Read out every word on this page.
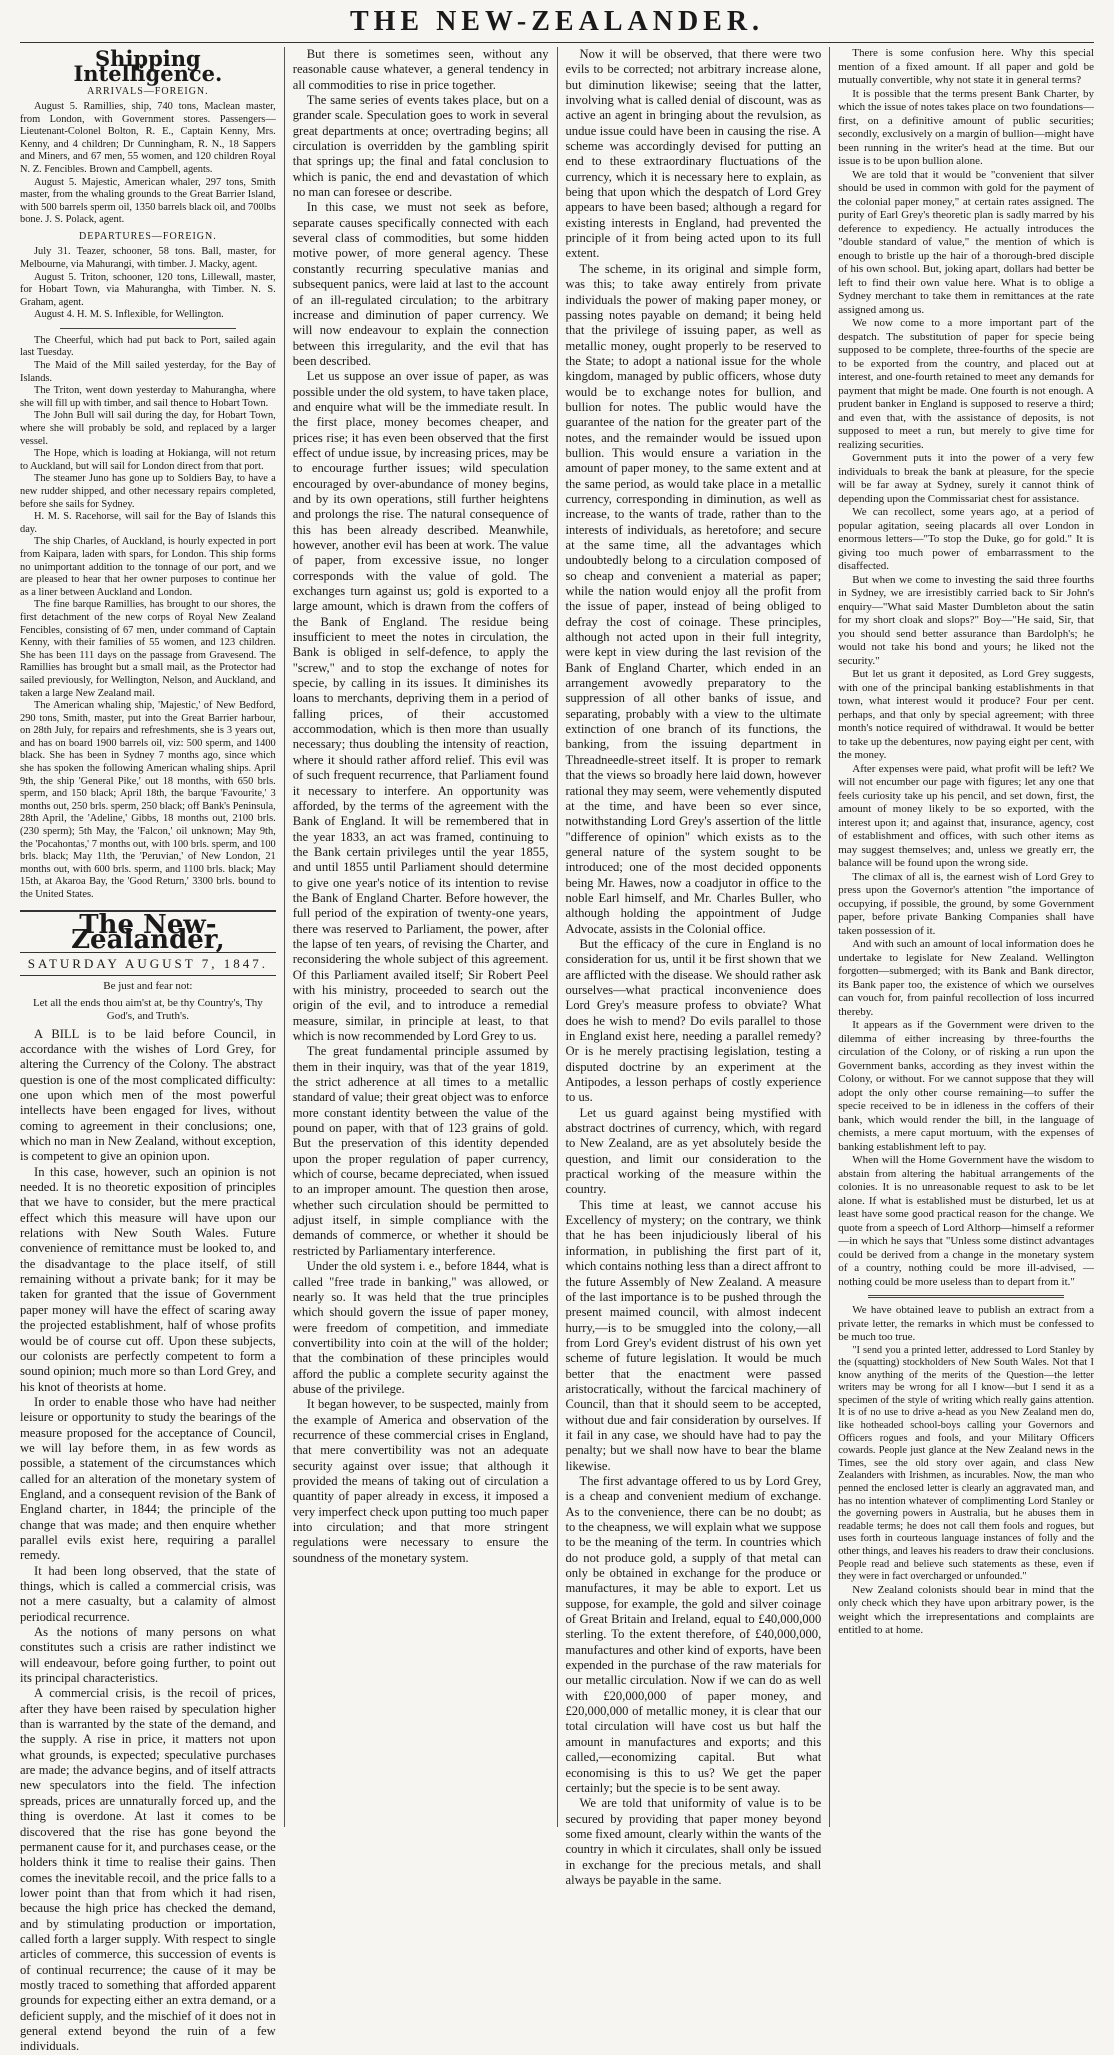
THE NEW-ZEALANDER.
Shipping Intelligence.
ARRIVALS—FOREIGN.

August 5. Ramillies, ship, 740 tons, Maclean master, from London, with Government stores. Passengers—Lieutenant-Colonel Bolton, R. E., Captain Kenny, Mrs. Kenny, and 4 children; Dr Cunningham, R. N., 18 Sappers and Miners, and 67 men, 55 women, and 120 children Royal N. Z. Fencibles. Brown and Campbell, agents.

August 5. Majestic, American whaler, 297 tons, Smith master, from the whaling grounds to the Great Barrier Island, with 500 barrels sperm oil, 1350 barrels black oil, and 700lbs bone. J. S. Polack, agent.

DEPARTURES—FOREIGN.

July 31. Teazer, schooner, 58 tons. Ball, master, for Melbourne, via Mahurangi, with timber. J. Macky, agent.

August 5. Triton, schooner, 120 tons, Lillewall, master, for Hobart Town, via Mahurangha, with Timber. N. S. Graham, agent.

August 4. H. M. S. Inflexible, for Wellington.

The Cheerful, which had put back to Port, sailed again last Tuesday.

The Maid of the Mill sailed yesterday, for the Bay of Islands.

The Triton, went down yesterday to Mahurangha, where she will fill up with timber, and sail thence to Hobart Town.

The John Bull will sail during the day, for Hobart Town, where she will probably be sold, and replaced by a larger vessel.

The Hope, which is loading at Hokianga, will not return to Auckland, but will sail for London direct from that port.

The steamer Juno has gone up to Soldiers Bay, to have a new rudder shipped, and other necessary repairs completed, before she sails for Sydney.

H. M. S. Racehorse, will sail for the Bay of Islands this day.

The ship Charles, of Auckland, is hourly expected in port from Kaipara, laden with spars, for London. This ship forms no unimportant addition to the tonnage of our port, and we are pleased to hear that her owner purposes to continue her as a liner between Auckland and London.

The fine barque Ramillies, has brought to our shores, the first detachment of the new corps of Royal New Zealand Fencibles, consisting of 67 men, under command of Captain Kenny, with their families of 55 women, and 123 children. She has been 111 days on the passage from Gravesend. The Ramillies has brought but a small mail, as the Protector had sailed previously, for Wellington, Nelson, and Auckland, and taken a large New Zealand mail.

The American whaling ship, 'Majestic,' of New Bedford, 290 tons, Smith, master, put into the Great Barrier harbour, on 28th July, for repairs and refreshments, she is 3 years out, and has on board 1900 barrels oil, viz: 500 sperm, and 1400 black. She has been in Sydney 7 months ago, since which she has spoken the following American whaling ships. April 9th, the ship 'General Pike,' out 18 months, with 650 brls. sperm, and 150 black; April 18th, the barque 'Favourite,' 3 months out, 250 brls. sperm, 250 black; off Bank's Peninsula, 28th April, the 'Adeline,' Gibbs, 18 months out, 2100 brls. (230 sperm); 5th May, the 'Falcon,' oil unknown; May 9th, the 'Pocahontas,' 7 months out, with 100 brls. sperm, and 100 brls. black; May 11th, the 'Peruvian,' of New London, 21 months out, with 600 brls. sperm, and 1100 brls. black; May 15th, at Akaroa Bay, the 'Good Return,' 3300 brls. bound to the United States.

The New-Zealander,
SATURDAY AUGUST 7, 1847.
Be just and fear not:
Let all the ends thou aim'st at, be thy Country's, Thy God's, and Truth's.

A BILL is to be laid before Council, in accordance with the wishes of Lord Grey, for altering the Currency of the Colony. The abstract question is one of the most complicated difficulty: one upon which men of the most powerful intellects have been engaged for lives, without coming to agreement in their conclusions; one, which no man in New Zealand, without exception, is competent to give an opinion upon.

In this case, however, such an opinion is not needed. It is no theoretic exposition of principles that we have to consider, but the mere practical effect which this measure will have upon our relations with New South Wales. Future convenience of remittance must be looked to, and the disadvantage to the place itself, of still remaining without a private bank; for it may be taken for granted that the issue of Government paper money will have the effect of scaring away the projected establishment, half of whose profits would be of course cut off. Upon these subjects, our colonists are perfectly competent to form a sound opinion; much more so than Lord Grey, and his knot of theorists at home.

In order to enable those who have had neither leisure or opportunity to study the bearings of the measure proposed for the acceptance of Council, we will lay before them, in as few words as possible, a statement of the circumstances which called for an alteration of the monetary system of England, and a consequent revision of the Bank of England charter, in 1844; the principle of the change that was made; and then enquire whether parallel evils exist here, requiring a parallel remedy.

It had been long observed, that the state of things, which is called a commercial crisis, was not a mere casualty, but a calamity of almost periodical recurrence.

As the notions of many persons on what constitutes such a crisis are rather indistinct we will endeavour, before going further, to point out its principal characteristics.

A commercial crisis, is the recoil of prices, after they have been raised by speculation higher than is warranted by the state of the demand, and the supply. A rise in price, it matters not upon what grounds, is expected; speculative purchases are made; the advance begins, and of itself attracts new speculators into the field. The infection spreads, prices are unnaturally forced up, and the thing is overdone. At last it comes to be discovered that the rise has gone beyond the permanent cause for it, and purchases cease, or the holders think it time to realise their gains. Then comes the inevitable recoil, and the price falls to a lower point than that from which it had risen, because the high price has checked the demand, and by stimulating production or importation, called forth a larger supply. With respect to single articles of commerce, this succession of events is of continual recurrence; the cause of it may be mostly traced to something that afforded apparent grounds for expecting either an extra demand, or a deficient supply, and the mischief of it does not in general extend beyond the ruin of a few individuals.

But there is sometimes seen, without any reasonable cause whatever, a general tendency in all commodities to rise in price together.

The same series of events takes place, but on a grander scale. Speculation goes to work in several great departments at once; overtrading begins; all circulation is overridden by the gambling spirit that springs up; the final and fatal conclusion to which is panic, the end and devastation of which no man can foresee or describe.

In this case, we must not seek as before, separate causes specifically connected with each several class of commodities, but some hidden motive power, of more general agency. These constantly recurring speculative manias and subsequent panics, were laid at last to the account of an ill-regulated circulation; to the arbitrary increase and diminution of paper currency. We will now endeavour to explain the connection between this irregularity, and the evil that has been described.

Let us suppose an over issue of paper, as was possible under the old system, to have taken place, and enquire what will be the immediate result. In the first place, money becomes cheaper, and prices rise; it has even been observed that the first effect of undue issue, by increasing prices, may be to encourage further issues; wild speculation encouraged by over-abundance of money begins, and by its own operations, still further heightens and prolongs the rise. The natural consequence of this has been already described. Meanwhile, however, another evil has been at work. The value of paper, from excessive issue, no longer corresponds with the value of gold. The exchanges turn against us; gold is exported to a large amount, which is drawn from the coffers of the Bank of England. The residue being insufficient to meet the notes in circulation, the Bank is obliged in self-defence, to apply the "screw," and to stop the exchange of notes for specie, by calling in its issues. It diminishes its loans to merchants, depriving them in a period of falling prices, of their accustomed accommodation, which is then more than usually necessary; thus doubling the intensity of reaction, where it should rather afford relief. This evil was of such frequent recurrence, that Parliament found it necessary to interfere. An opportunity was afforded, by the terms of the agreement with the Bank of England. It will be remembered that in the year 1833, an act was framed, continuing to the Bank certain privileges until the year 1855, and until 1855 until Parliament should determine to give one year's notice of its intention to revise the Bank of England Charter. Before however, the full period of the expiration of twenty-one years, there was reserved to Parliament, the power, after the lapse of ten years, of revising the Charter, and reconsidering the whole subject of this agreement. Of this Parliament availed itself; Sir Robert Peel with his ministry, proceeded to search out the origin of the evil, and to introduce a remedial measure, similar, in principle at least, to that which is now recommended by Lord Grey to us.

The great fundamental principle assumed by them in their inquiry, was that of the year 1819, the strict adherence at all times to a metallic standard of value; their great object was to enforce more constant identity between the value of the pound on paper, with that of 123 grains of gold. But the preservation of this identity depended upon the proper regulation of paper currency, which of course, became depreciated, when issued to an improper amount. The question then arose, whether such circulation should be permitted to adjust itself, in simple compliance with the demands of commerce, or whether it should be restricted by Parliamentary interference.

Under the old system i. e., before 1844, what is called "free trade in banking," was allowed, or nearly so. It was held that the true principles which should govern the issue of paper money, were freedom of competition, and immediate convertibility into coin at the will of the holder; that the combination of these principles would afford the public a complete security against the abuse of the privilege.

It began however, to be suspected, mainly from the example of America and observation of the recurrence of these commercial crises in England, that mere convertibility was not an adequate security against over issue; that although it provided the means of taking out of circulation a quantity of paper already in excess, it imposed a very imperfect check upon putting too much paper into circulation; and that more stringent regulations were necessary to ensure the soundness of the monetary system.

Now it will be observed, that there were two evils to be corrected; not arbitrary increase alone, but diminution likewise; seeing that the latter, involving what is called denial of discount, was as active an agent in bringing about the revulsion, as undue issue could have been in causing the rise. A scheme was accordingly devised for putting an end to these extraordinary fluctuations of the currency, which it is necessary here to explain, as being that upon which the despatch of Lord Grey appears to have been based; although a regard for existing interests in England, had prevented the principle of it from being acted upon to its full extent.

The scheme, in its original and simple form, was this; to take away entirely from private individuals the power of making paper money, or passing notes payable on demand; it being held that the privilege of issuing paper, as well as metallic money, ought properly to be reserved to the State; to adopt a national issue for the whole kingdom, managed by public officers, whose duty would be to exchange notes for bullion, and bullion for notes. The public would have the guarantee of the nation for the greater part of the notes, and the remainder would be issued upon bullion. This would ensure a variation in the amount of paper money, to the same extent and at the same period, as would take place in a metallic currency, corresponding in diminution, as well as increase, to the wants of trade, rather than to the interests of individuals, as heretofore; and secure at the same time, all the advantages which undoubtedly belong to a circulation composed of so cheap and convenient a material as paper; while the nation would enjoy all the profit from the issue of paper, instead of being obliged to defray the cost of coinage. These principles, although not acted upon in their full integrity, were kept in view during the last revision of the Bank of England Charter, which ended in an arrangement avowedly preparatory to the suppression of all other banks of issue, and separating, probably with a view to the ultimate extinction of one branch of its functions, the banking, from the issuing department in Threadneedle-street itself. It is proper to remark that the views so broadly here laid down, however rational they may seem, were vehemently disputed at the time, and have been so ever since, notwithstanding Lord Grey's assertion of the little "difference of opinion" which exists as to the general nature of the system sought to be introduced; one of the most decided opponents being Mr. Hawes, now a coadjutor in office to the noble Earl himself, and Mr. Charles Buller, who although holding the appointment of Judge Advocate, assists in the Colonial office.

But the efficacy of the cure in England is no consideration for us, until it be first shown that we are afflicted with the disease. We should rather ask ourselves—what practical inconvenience does Lord Grey's measure profess to obviate? What does he wish to mend? Do evils parallel to those in England exist here, needing a parallel remedy? Or is he merely practising legislation, testing a disputed doctrine by an experiment at the Antipodes, a lesson perhaps of costly experience to us.

Let us guard against being mystified with abstract doctrines of currency, which, with regard to New Zealand, are as yet absolutely beside the question, and limit our consideration to the practical working of the measure within the country.

This time at least, we cannot accuse his Excellency of mystery; on the contrary, we think that he has been injudiciously liberal of his information, in publishing the first part of it, which contains nothing less than a direct affront to the future Assembly of New Zealand. A measure of the last importance is to be pushed through the present maimed council, with almost indecent hurry,—is to be smuggled into the colony,—all from Lord Grey's evident distrust of his own yet scheme of future legislation. It would be much better that the enactment were passed aristocratically, without the farcical machinery of Council, than that it should seem to be accepted, without due and fair consideration by ourselves. If it fail in any case, we should have had to pay the penalty; but we shall now have to bear the blame likewise.

The first advantage offered to us by Lord Grey, is a cheap and convenient medium of exchange. As to the convenience, there can be no doubt; as to the cheapness, we will explain what we suppose to be the meaning of the term. In countries which do not produce gold, a supply of that metal can only be obtained in exchange for the produce or manufactures, it may be able to export. Let us suppose, for example, the gold and silver coinage of Great Britain and Ireland, equal to £40,000,000 sterling. To the extent therefore, of £40,000,000, manufactures and other kind of exports, have been expended in the purchase of the raw materials for our metallic circulation. Now if we can do as well with £20,000,000 of paper money, and £20,000,000 of metallic money, it is clear that our total circulation will have cost us but half the amount in manufactures and exports; and this called,—economizing capital. But what economising is this to us? We get the paper certainly; but the specie is to be sent away.

We are told that uniformity of value is to be secured by providing that paper money beyond some fixed amount, clearly within the wants of the country in which it circulates, shall only be issued in exchange for the precious metals, and shall always be payable in the same.

There is some confusion here. Why this special mention of a fixed amount. If all paper and gold be mutually convertible, why not state it in general terms?

It is possible that the terms present Bank Charter, by which the issue of notes takes place on two foundations—first, on a definitive amount of public securities; secondly, exclusively on a margin of bullion—might have been running in the writer's head at the time. But our issue is to be upon bullion alone.

We are told that it would be "convenient that silver should be used in common with gold for the payment of the colonial paper money," at certain rates assigned. The purity of Earl Grey's theoretic plan is sadly marred by his deference to expediency. He actually introduces the "double standard of value," the mention of which is enough to bristle up the hair of a thorough-bred disciple of his own school. But, joking apart, dollars had better be left to find their own value here. What is to oblige a Sydney merchant to take them in remittances at the rate assigned among us.

We now come to a more important part of the despatch. The substitution of paper for specie being supposed to be complete, three-fourths of the specie are to be exported from the country, and placed out at interest, and one-fourth retained to meet any demands for payment that might be made. One fourth is not enough. A prudent banker in England is supposed to reserve a third; and even that, with the assistance of deposits, is not supposed to meet a run, but merely to give time for realizing securities.

Government puts it into the power of a very few individuals to break the bank at pleasure, for the specie will be far away at Sydney, surely it cannot think of depending upon the Commissariat chest for assistance.

We can recollect, some years ago, at a period of popular agitation, seeing placards all over London in enormous letters—"To stop the Duke, go for gold." It is giving too much power of embarrassment to the disaffected.

But when we come to investing the said three fourths in Sydney, we are irresistibly carried back to Sir John's enquiry—"What said Master Dumbleton about the satin for my short cloak and slops?" Boy—"He said, Sir, that you should send better assurance than Bardolph's; he would not take his bond and yours; he liked not the security."

But let us grant it deposited, as Lord Grey suggests, with one of the principal banking establishments in that town, what interest would it produce? Four per cent. perhaps, and that only by special agreement; with three month's notice required of withdrawal. It would be better to take up the debentures, now paying eight per cent, with the money.

After expenses were paid, what profit will be left? We will not encumber our page with figures; let any one that feels curiosity take up his pencil, and set down, first, the amount of money likely to be so exported, with the interest upon it; and against that, insurance, agency, cost of establishment and offices, with such other items as may suggest themselves; and, unless we greatly err, the balance will be found upon the wrong side.

The climax of all is, the earnest wish of Lord Grey to press upon the Governor's attention "the importance of occupying, if possible, the ground, by some Government paper, before private Banking Companies shall have taken possession of it.

And with such an amount of local information does he undertake to legislate for New Zealand. Wellington forgotten—submerged; with its Bank and Bank director, its Bank paper too, the existence of which we ourselves can vouch for, from painful recollection of loss incurred thereby.

It appears as if the Government were driven to the dilemma of either increasing by three-fourths the circulation of the Colony, or of risking a run upon the Government banks, according as they invest within the Colony, or without. For we cannot suppose that they will adopt the only other course remaining—to suffer the specie received to be in idleness in the coffers of their bank, which would render the bill, in the language of chemists, a mere caput mortuum, with the expenses of banking establishment left to pay.

When will the Home Government have the wisdom to abstain from altering the habitual arrangements of the colonies. It is no unreasonable request to ask to be let alone. If what is established must be disturbed, let us at least have some good practical reason for the change. We quote from a speech of Lord Althorp—himself a reformer—in which he says that "Unless some distinct advantages could be derived from a change in the monetary system of a country, nothing could be more ill-advised, —nothing could be more useless than to depart from it."

We have obtained leave to publish an extract from a private letter, the remarks in which must be confessed to be much too true.

"I send you a printed letter, addressed to Lord Stanley by the (squatting) stockholders of New South Wales. Not that I know anything of the merits of the Question—the letter writers may be wrong for all I know—but I send it as a specimen of the style of writing which really gains attention. It is of no use to drive a-head as you New Zealand men do, like hotheaded school-boys calling your Governors and Officers rogues and fools, and your Military Officers cowards. People just glance at the New Zealand news in the Times, see the old story over again, and class New Zealanders with Irishmen, as incurables. Now, the man who penned the enclosed letter is clearly an aggravated man, and has no intention whatever of complimenting Lord Stanley or the governing powers in Australia, but he abuses them in readable terms; he does not call them fools and rogues, but uses forth in courteous language instances of folly and the other things, and leaves his readers to draw their conclusions. People read and believe such statements as these, even if they were in fact overcharged or unfounded."

New Zealand colonists should bear in mind that the only check which they have upon arbitrary power, is the weight which the irrepresentations and complaints are entitled to at home.
